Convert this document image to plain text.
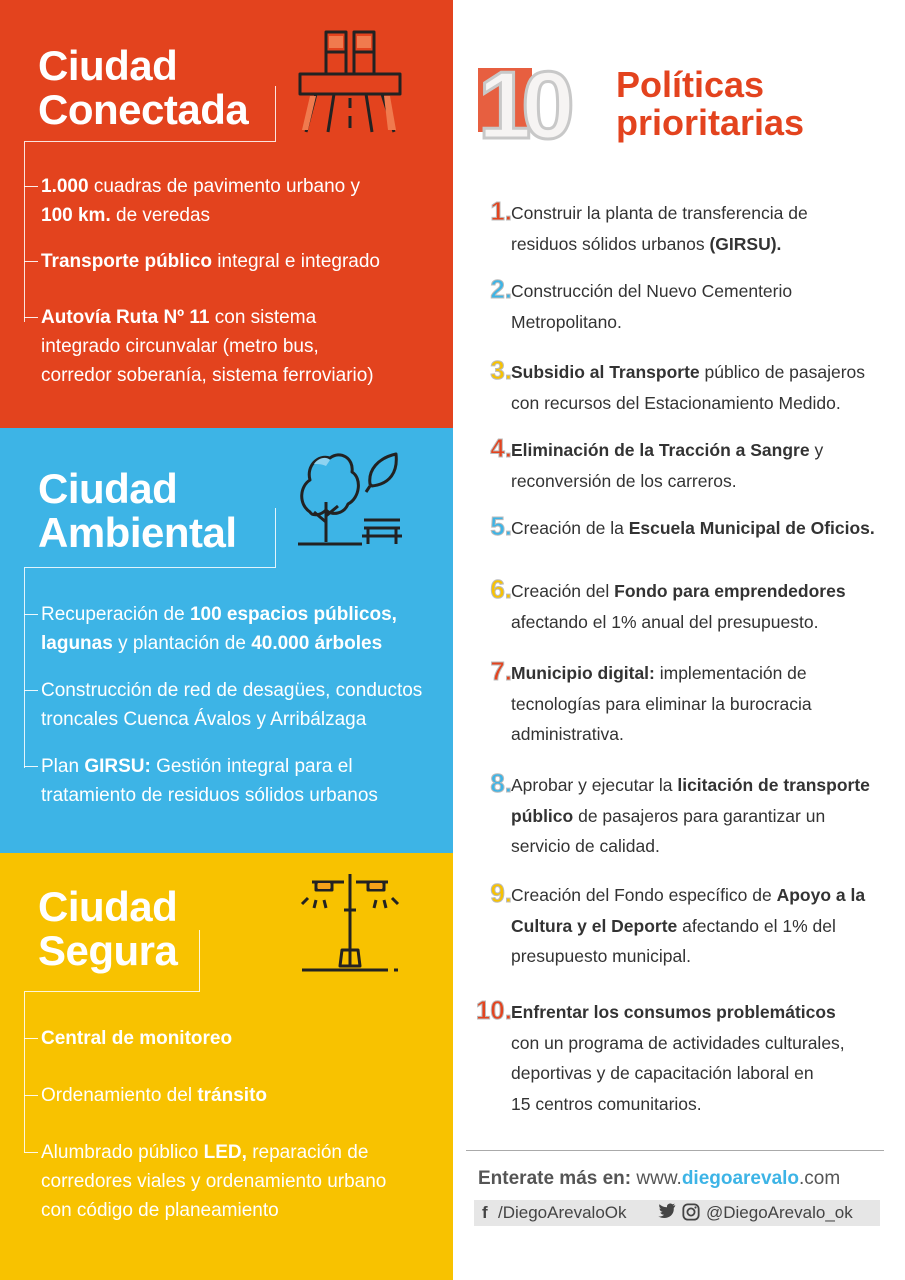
Ciudad
Conectada
1.000 cuadras de pavimento urbano y
100 km. de veredas
Transporte público integral e integrado
Autovía Ruta Nº 11 con sistema
integrado circunvalar (metro bus,
corredor soberanía, sistema ferroviario)
Ciudad
Ambiental
Recuperación de 100 espacios públicos,
lagunas y plantación de 40.000 árboles
Construcción de red de desagües, conductos
troncales Cuenca Ávalos y Arribálzaga
Plan GIRSU: Gestión integral para el
tratamiento de residuos sólidos urbanos
Ciudad
Segura
Central de monitoreo
Ordenamiento del tránsito
Alumbrado público LED, reparación de
corredores viales y ordenamiento urbano
con código de planeamiento
10 Políticas
prioritarias
1. Construir la planta de transferencia de
residuos sólidos urbanos (GIRSU).
2. Construcción del Nuevo Cementerio
Metropolitano.
3. Subsidio al Transporte público de pasajeros
con recursos del Estacionamiento Medido.
4. Eliminación de la Tracción a Sangre y
reconversión de los carreros.
5. Creación de la Escuela Municipal de Oficios.
6. Creación del Fondo para emprendedores
afectando el 1% anual del presupuesto.
7. Municipio digital: implementación de
tecnologías para eliminar la burocracia
administrativa.
8. Aprobar y ejecutar la licitación de transporte
público de pasajeros para garantizar un
servicio de calidad.
9. Creación del Fondo específico de Apoyo a la
Cultura y el Deporte afectando el 1% del
presupuesto municipal.
10. Enfrentar los consumos problemáticos
con un programa de actividades culturales,
deportivas y de capacitación laboral en
15 centros comunitarios.
Enterate más en: www.diegoarevalo.com
f /DiegoArevaloOk	@DiegoArevalo_ok
